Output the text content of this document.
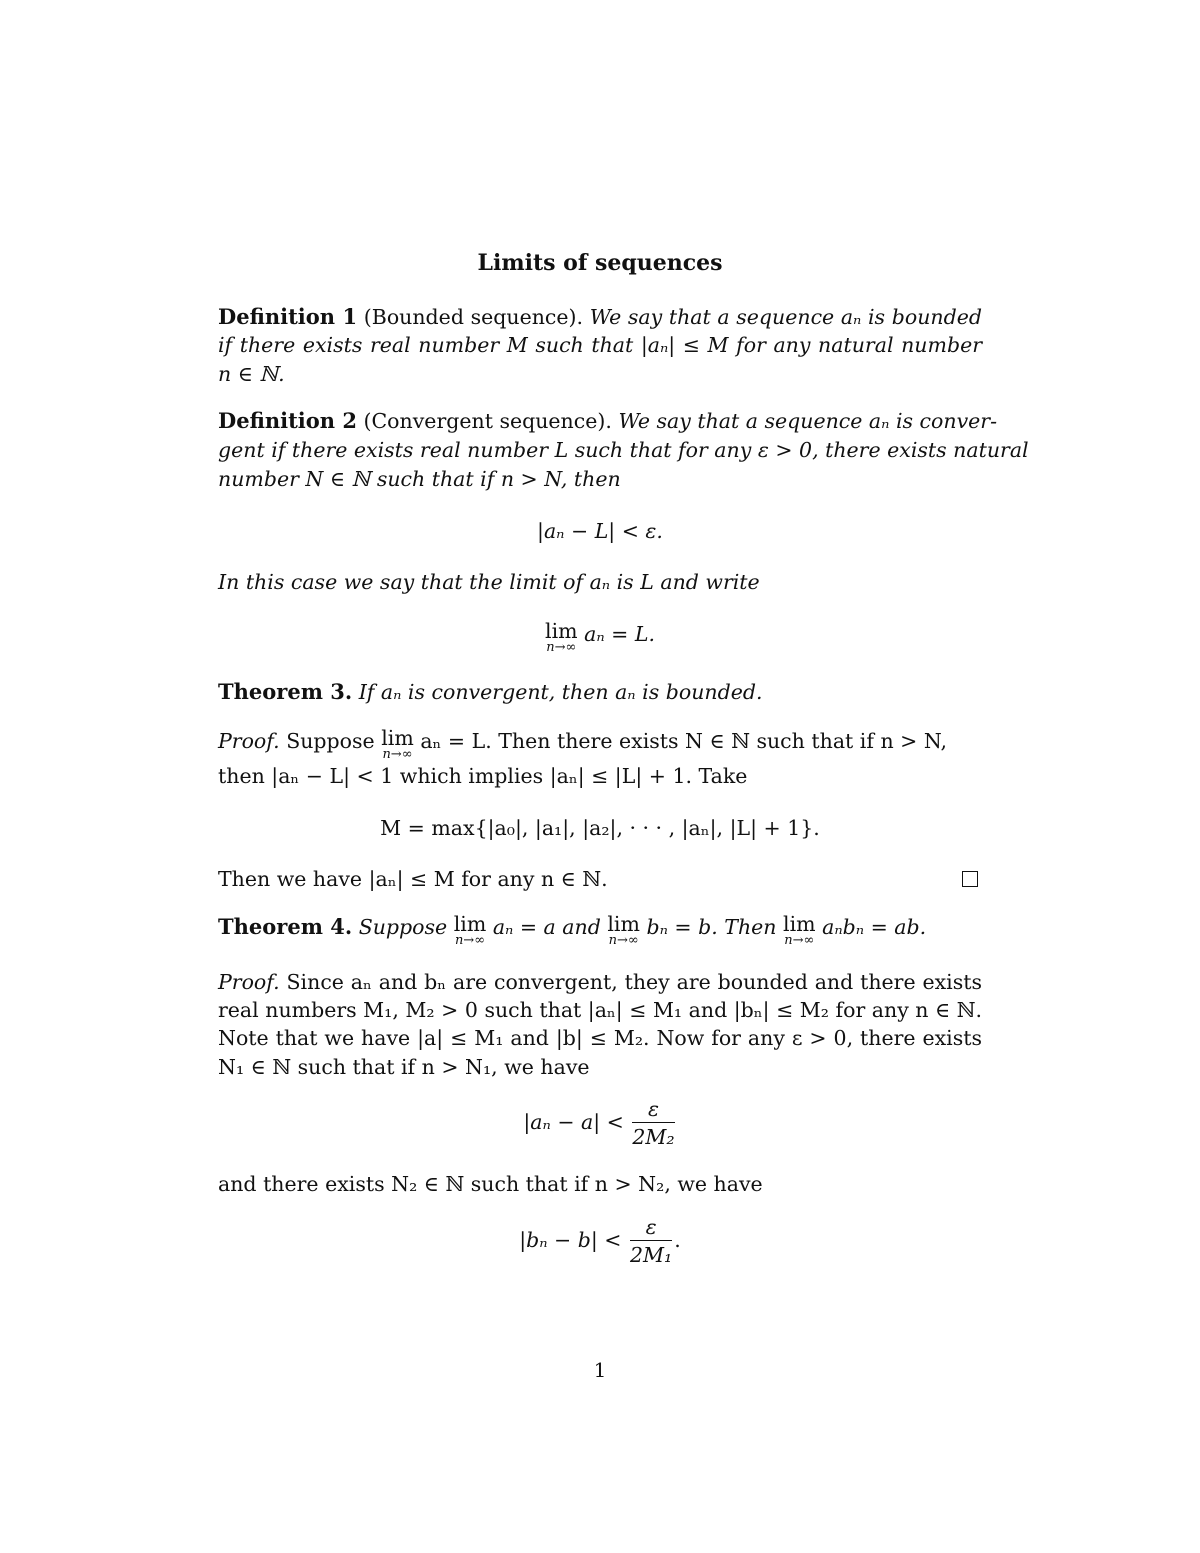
Limits of sequences
Definition 1 (Bounded sequence). We say that a sequence aₙ is bounded
if there exists real number M such that |aₙ| ≤ M for any natural number
n ∈ ℕ.
Definition 2 (Convergent sequence). We say that a sequence aₙ is conver-
gent if there exists real number L such that for any ε > 0, there exists natural
number N ∈ ℕ such that if n > N, then
|aₙ − L| < ε.
In this case we say that the limit of aₙ is L and write
lim
n→∞
aₙ = L.
Theorem 3. If aₙ is convergent, then aₙ is bounded.
Proof. Suppose lim
n→∞
aₙ = L. Then there exists N ∈ ℕ such that if n > N,
then |aₙ − L| < 1 which implies |aₙ| ≤ |L| + 1. Take
M = max{|a₀|, |a₁|, |a₂|, · · · , |aₙ|, |L| + 1}.
Then we have |aₙ| ≤ M for any n ∈ ℕ.
Theorem 4. Suppose lim
n→∞
aₙ = a and lim
n→∞
bₙ = b. Then lim
n→∞
aₙbₙ = ab.
Proof. Since aₙ and bₙ are convergent, they are bounded and there exists
real numbers M₁, M₂ > 0 such that |aₙ| ≤ M₁ and |bₙ| ≤ M₂ for any n ∈ ℕ.
Note that we have |a| ≤ M₁ and |b| ≤ M₂. Now for any ε > 0, there exists
N₁ ∈ ℕ such that if n > N₁, we have
$|a_n - a| < \frac{\varepsilon}{\text{2M₂}}$
and there exists N₂ ∈ ℕ such that if n > N₂, we have
$|b_n - b| < \frac{\varepsilon}{\text{2M₁}}$ .
1
